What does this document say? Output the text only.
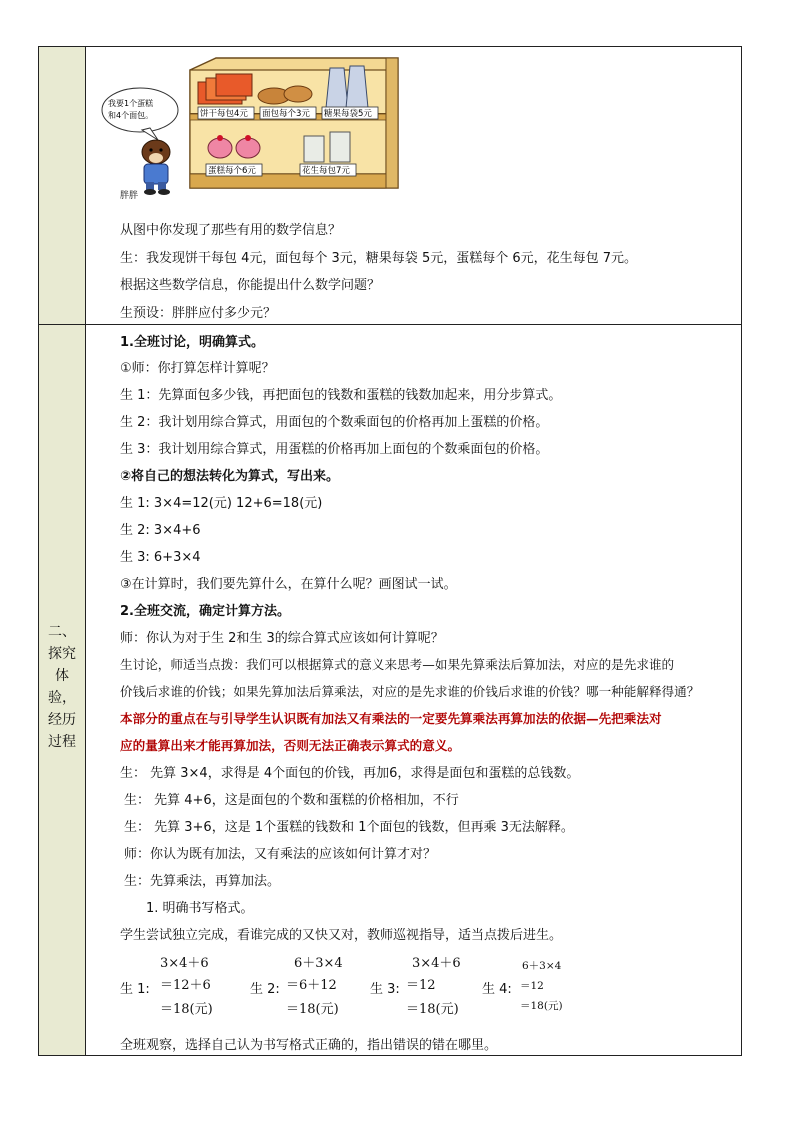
二、
探究
体
验，
经历
过程
饼干每包4元 面包每个3元 糖果每袋5元
蛋糕每个6元	花生每包7元
我要1个蛋糕
和4个面包。
胖胖
从图中你发现了那些有用的数学信息？
生：我发现饼干每包 4元，面包每个 3元，糖果每袋 5元，蛋糕每个 6元，花生每包 7元。
根据这些数学信息，你能提出什么数学问题？
生预设：胖胖应付多少元？
1.全班讨论，明确算式。
①师：你打算怎样计算呢？
生 1：先算面包多少钱，再把面包的钱数和蛋糕的钱数加起来，用分步算式。
生 2：我计划用综合算式，用面包的个数乘面包的价格再加上蛋糕的价格。
生 3：我计划用综合算式，用蛋糕的价格再加上面包的个数乘面包的价格。
②将自己的想法转化为算式，写出来。
生 1: 3×4=12(元) 12+6=18(元)
生 2: 3×4+6
生 3: 6+3×4
③在计算时，我们要先算什么，在算什么呢？画图试一试。
2.全班交流，确定计算方法。
师：你认为对于生 2和生 3的综合算式应该如何计算呢？
生讨论，师适当点拨：我们可以根据算式的意义来思考—如果先算乘法后算加法，对应的是先求谁的
价钱后求谁的价钱；如果先算加法后算乘法，对应的是先求谁的价钱后求谁的价钱？哪一种能解释得通？
本部分的重点在与引导学生认识既有加法又有乘法的一定要先算乘法再算加法的依据—先把乘法对
应的量算出来才能再算加法，否则无法正确表示算式的意义。
生： 先算 3×4，求得是 4个面包的价钱，再加6，求得是面包和蛋糕的总钱数。
生： 先算 4+6，这是面包的个数和蛋糕的价格相加，不行
生： 先算 3+6，这是 1个蛋糕的钱数和 1个面包的钱数，但再乘 3无法解释。
师：你认为既有加法，又有乘法的应该如何计算才对？
生：先算乘法，再算加法。
1. 明确书写格式。
学生尝试独立完成，看谁完成的又快又对，教师巡视指导，适当点拨后进生。
3×4＋6
生 1: ＝12＋6
＝18(元)
6＋3×4
生 2: ＝6＋12
＝18(元)
3×4＋6
生 3: ＝12
＝18(元)
6＋3×4
生 4: ＝12
＝18(元)
全班观察，选择自己认为书写格式正确的，指出错误的错在哪里。
